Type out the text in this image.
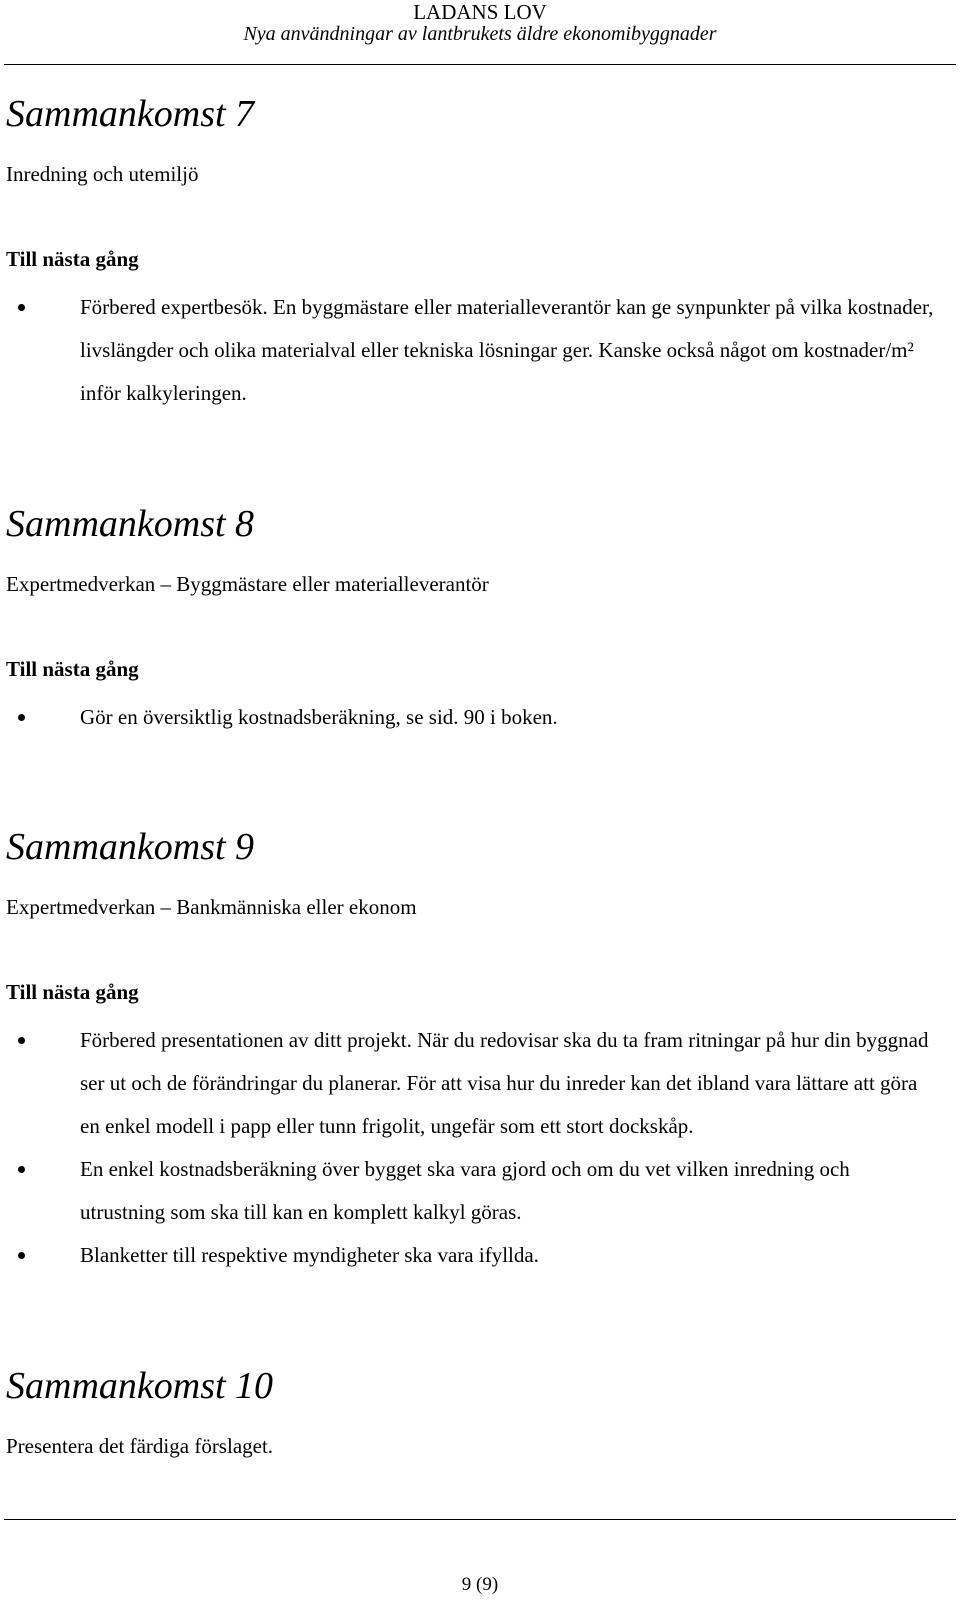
LADANS LOV
Nya användningar av lantbrukets äldre ekonomibyggnader
Sammankomst 7

Inredning och utemiljö

Till nästa gång

Förbered expertbesök. En byggmästare eller materialleverantör kan ge synpunkter på vilka kostnader, livslängder och olika materialval eller tekniska lösningar ger. Kanske också något om kostnader/m² inför kalkyleringen.
Sammankomst 8

Expertmedverkan – Byggmästare eller materialleverantör

Till nästa gång

Gör en översiktlig kostnadsberäkning, se sid. 90 i boken.
Sammankomst 9

Expertmedverkan – Bankmänniska eller ekonom

Till nästa gång

Förbered presentationen av ditt projekt. När du redovisar ska du ta fram ritningar på hur din byggnad ser ut och de förändringar du planerar. För att visa hur du inreder kan det ibland vara lättare att göra en enkel modell i papp eller tunn frigolit, ungefär som ett stort dockskåp.
En enkel kostnadsberäkning över bygget ska vara gjord och om du vet vilken inredning och utrustning som ska till kan en komplett kalkyl göras.
Blanketter till respektive myndigheter ska vara ifyllda.
Sammankomst 10

Presentera det färdiga förslaget.

9 (9)
